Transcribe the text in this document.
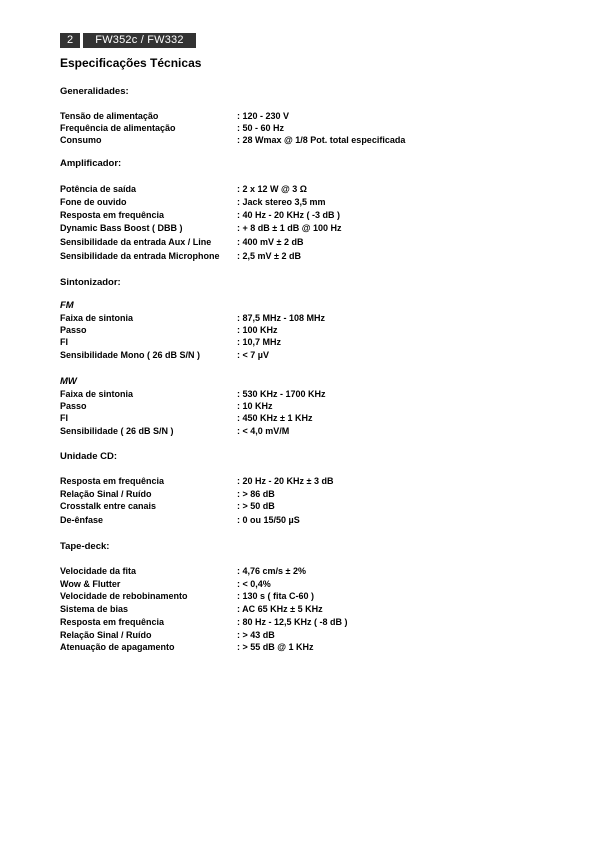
2	FW352c / FW332
Especificações Técnicas
Generalidades:
Tensão de alimentação	: 120 - 230 V
Frequência de alimentação	: 50 - 60 Hz
Consumo	: 28 Wmax @ 1/8 Pot. total especificada
Amplificador:
Potência de saída	: 2 x 12 W @ 3 Ω
Fone de ouvido	: Jack stereo 3,5 mm
Resposta em frequência	: 40 Hz - 20 KHz ( -3 dB )
Dynamic Bass Boost ( DBB )	: + 8 dB ± 1 dB @ 100 Hz
Sensibilidade da entrada Aux / Line	: 400 mV ± 2 dB
Sensibilidade da entrada Microphone : 2,5 mV ± 2 dB
Sintonizador:
FM
Faixa de sintonia	: 87,5 MHz - 108 MHz
Passo	: 100 KHz
FI	: 10,7 MHz
Sensibilidade Mono ( 26 dB S/N )	: < 7 µV
MW
Faixa de sintonia	: 530 KHz - 1700 KHz
Passo	: 10 KHz
FI	: 450 KHz ± 1 KHz
Sensibilidade ( 26 dB S/N )	: < 4,0 mV/M
Unidade CD:
Resposta em frequência	: 20 Hz - 20 KHz ± 3 dB
Relação Sinal / Ruído	: > 86 dB
Crosstalk entre canais	: > 50 dB
De-ênfase	: 0 ou 15/50 µS
Tape-deck:
Velocidade da fita	: 4,76 cm/s ± 2%
Wow & Flutter	: < 0,4%
Velocidade de rebobinamento	: 130 s ( fita C-60 )
Sistema de bias	: AC 65 KHz ± 5 KHz
Resposta em frequência	: 80 Hz - 12,5 KHz ( -8 dB )
Relação Sinal / Ruído	: > 43 dB
Atenuação de apagamento	: > 55 dB @ 1 KHz
